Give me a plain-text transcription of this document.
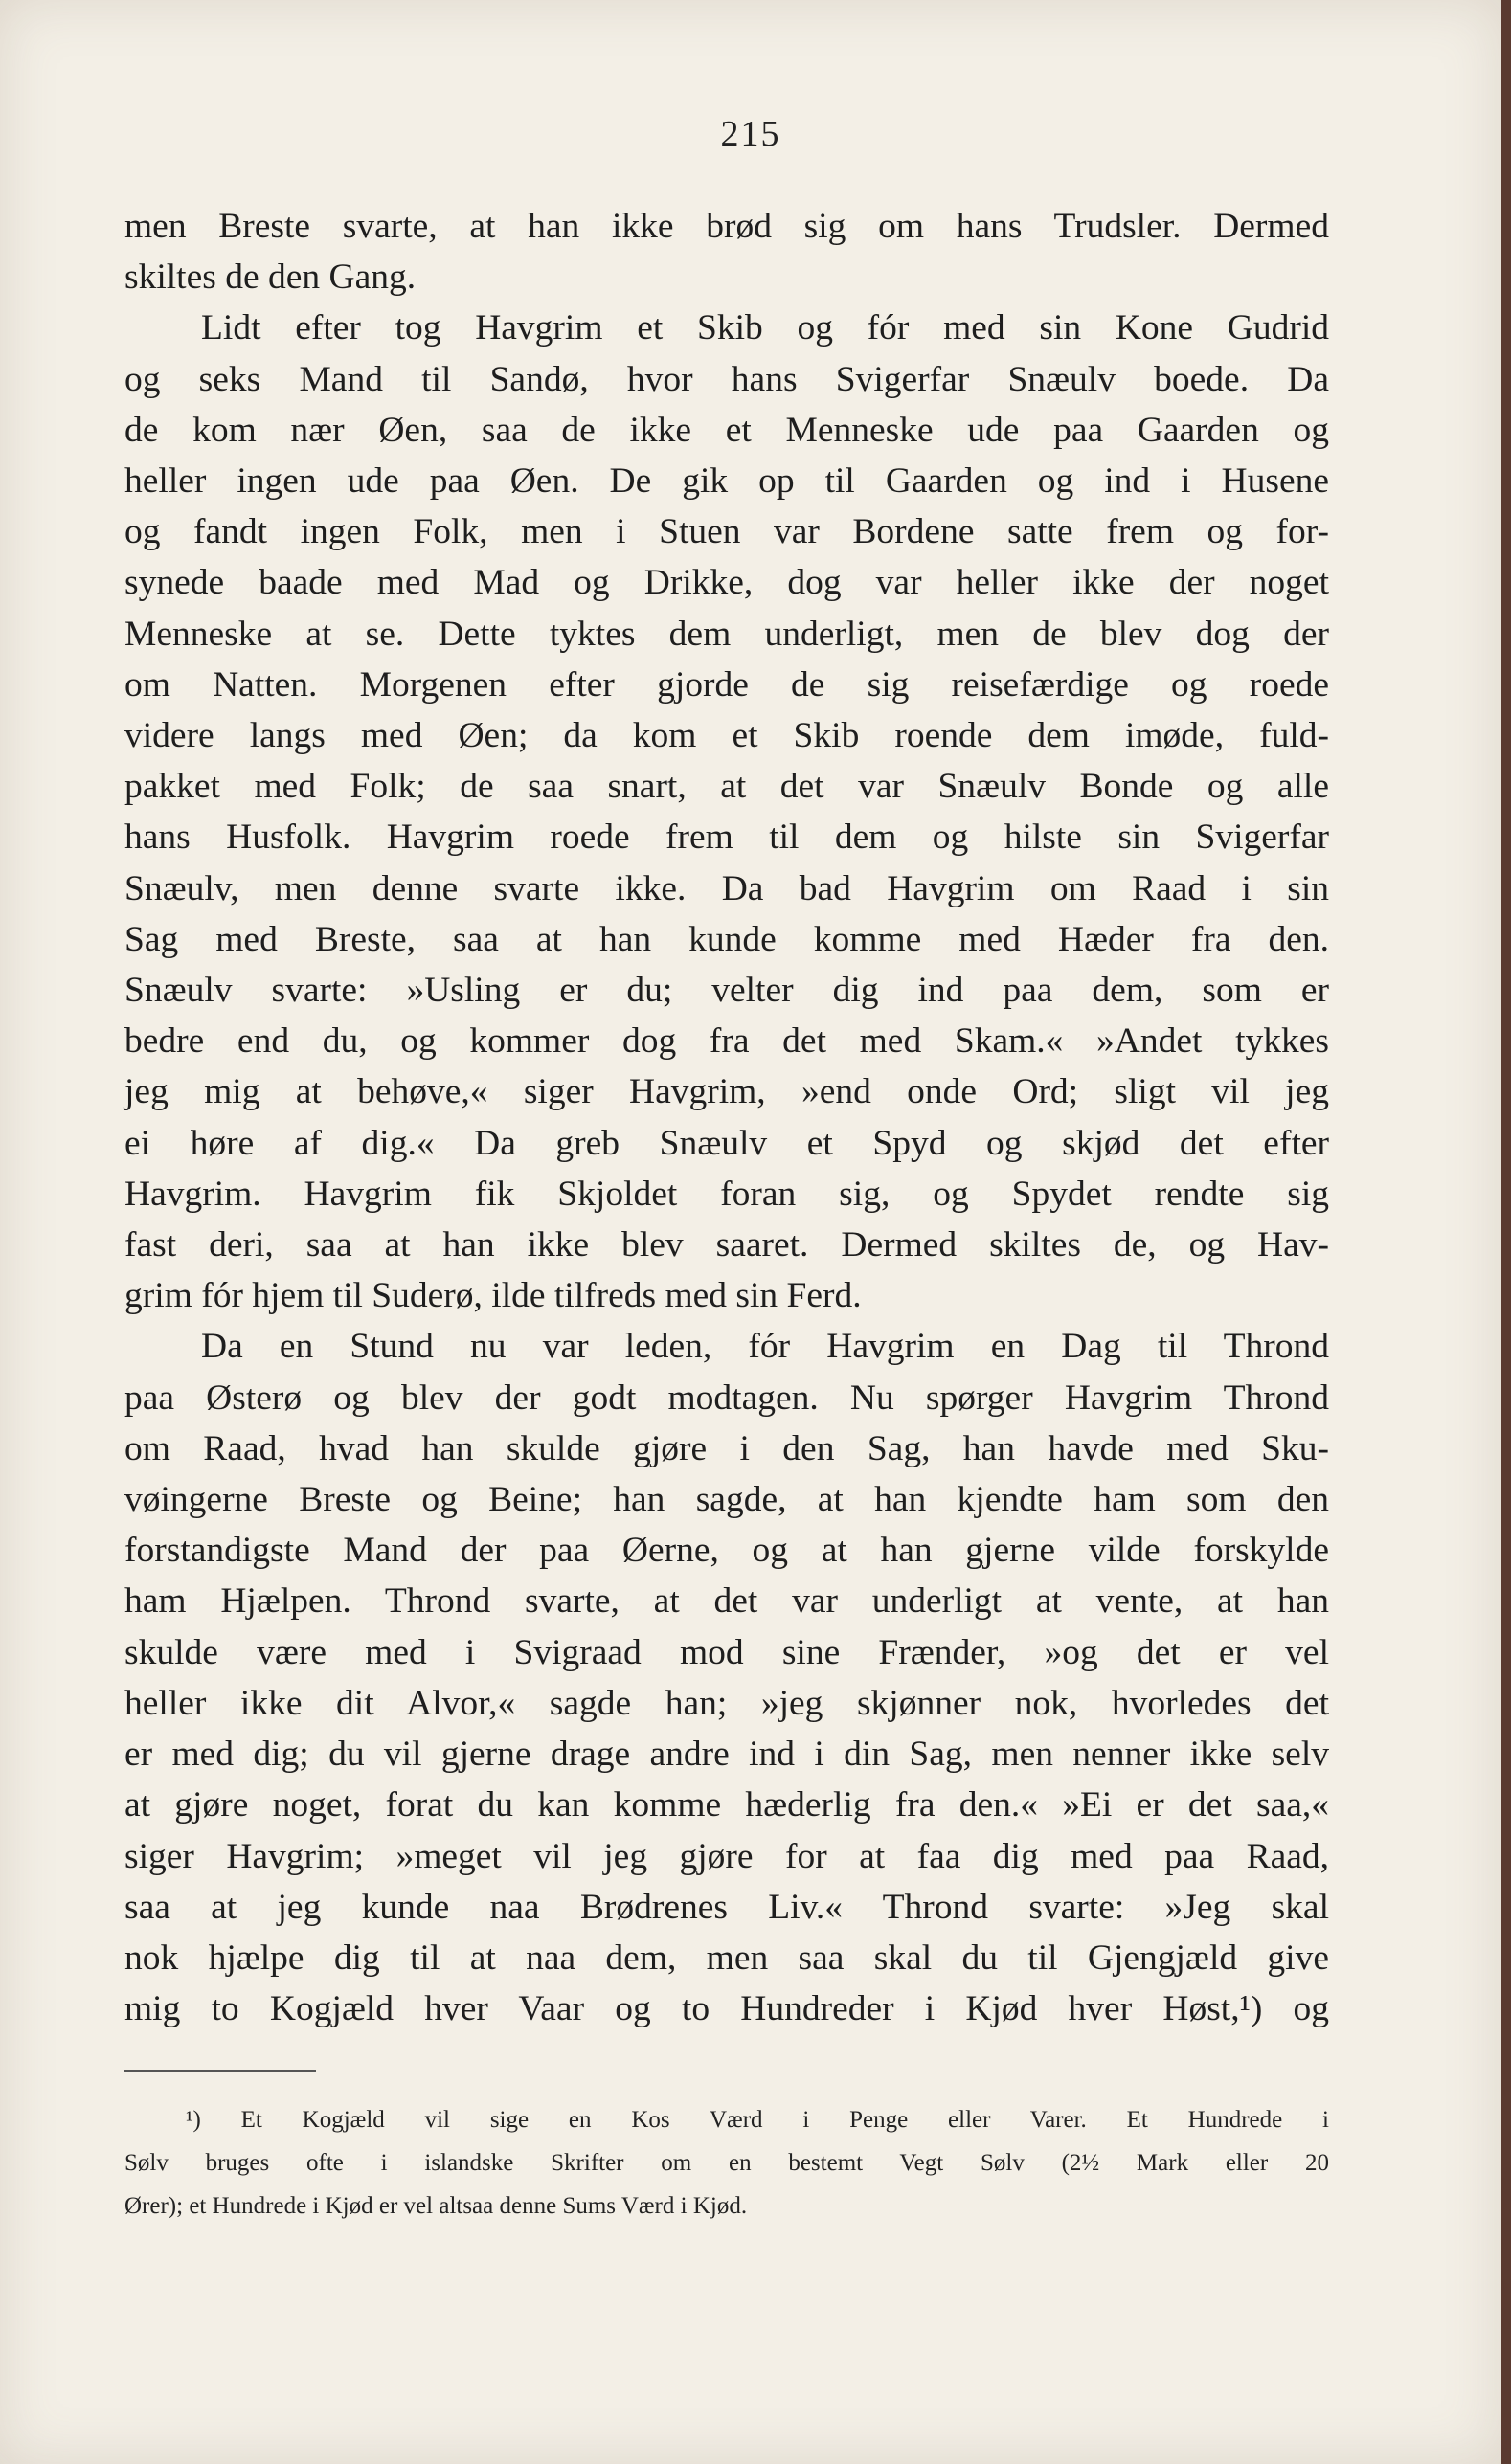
215
men Breste svarte, at han ikke brød sig om hans Trudsler. Dermed
skiltes de den Gang.
Lidt efter tog Havgrim et Skib og fór med sin Kone Gudrid
og seks Mand til Sandø, hvor hans Svigerfar Snæulv boede. Da
de kom nær Øen, saa de ikke et Menneske ude paa Gaarden og
heller ingen ude paa Øen. De gik op til Gaarden og ind i Husene
og fandt ingen Folk, men i Stuen var Bordene satte frem og for-
synede baade med Mad og Drikke, dog var heller ikke der noget
Menneske at se. Dette tyktes dem underligt, men de blev dog der
om Natten. Morgenen efter gjorde de sig reisefærdige og roede
videre langs med Øen; da kom et Skib roende dem imøde, fuld-
pakket med Folk; de saa snart, at det var Snæulv Bonde og alle
hans Husfolk. Havgrim roede frem til dem og hilste sin Svigerfar
Snæulv, men denne svarte ikke. Da bad Havgrim om Raad i sin
Sag med Breste, saa at han kunde komme med Hæder fra den.
Snæulv svarte: »Usling er du; velter dig ind paa dem, som er
bedre end du, og kommer dog fra det med Skam.« »Andet tykkes
jeg mig at behøve,« siger Havgrim, »end onde Ord; sligt vil jeg
ei høre af dig.« Da greb Snæulv et Spyd og skjød det efter
Havgrim. Havgrim fik Skjoldet foran sig, og Spydet rendte sig
fast deri, saa at han ikke blev saaret. Dermed skiltes de, og Hav-
grim fór hjem til Suderø, ilde tilfreds med sin Ferd.
Da en Stund nu var leden, fór Havgrim en Dag til Thrond
paa Østerø og blev der godt modtagen. Nu spørger Havgrim Thrond
om Raad, hvad han skulde gjøre i den Sag, han havde med Sku-
vøingerne Breste og Beine; han sagde, at han kjendte ham som den
forstandigste Mand der paa Øerne, og at han gjerne vilde forskylde
ham Hjælpen. Thrond svarte, at det var underligt at vente, at han
skulde være med i Svigraad mod sine Frænder, »og det er vel
heller ikke dit Alvor,« sagde han; »jeg skjønner nok, hvorledes det
er med dig; du vil gjerne drage andre ind i din Sag, men nenner ikke selv
at gjøre noget, forat du kan komme hæderlig fra den.« »Ei er det saa,«
siger Havgrim; »meget vil jeg gjøre for at faa dig med paa Raad,
saa at jeg kunde naa Brødrenes Liv.« Thrond svarte: »Jeg skal
nok hjælpe dig til at naa dem, men saa skal du til Gjengjæld give
mig to Kogjæld hver Vaar og to Hundreder i Kjød hver Høst,¹) og
¹) Et Kogjæld vil sige en Kos Værd i Penge eller Varer. Et Hundrede i
Sølv bruges ofte i islandske Skrifter om en bestemt Vegt Sølv (2½ Mark eller 20
Ører); et Hundrede i Kjød er vel altsaa denne Sums Værd i Kjød.
